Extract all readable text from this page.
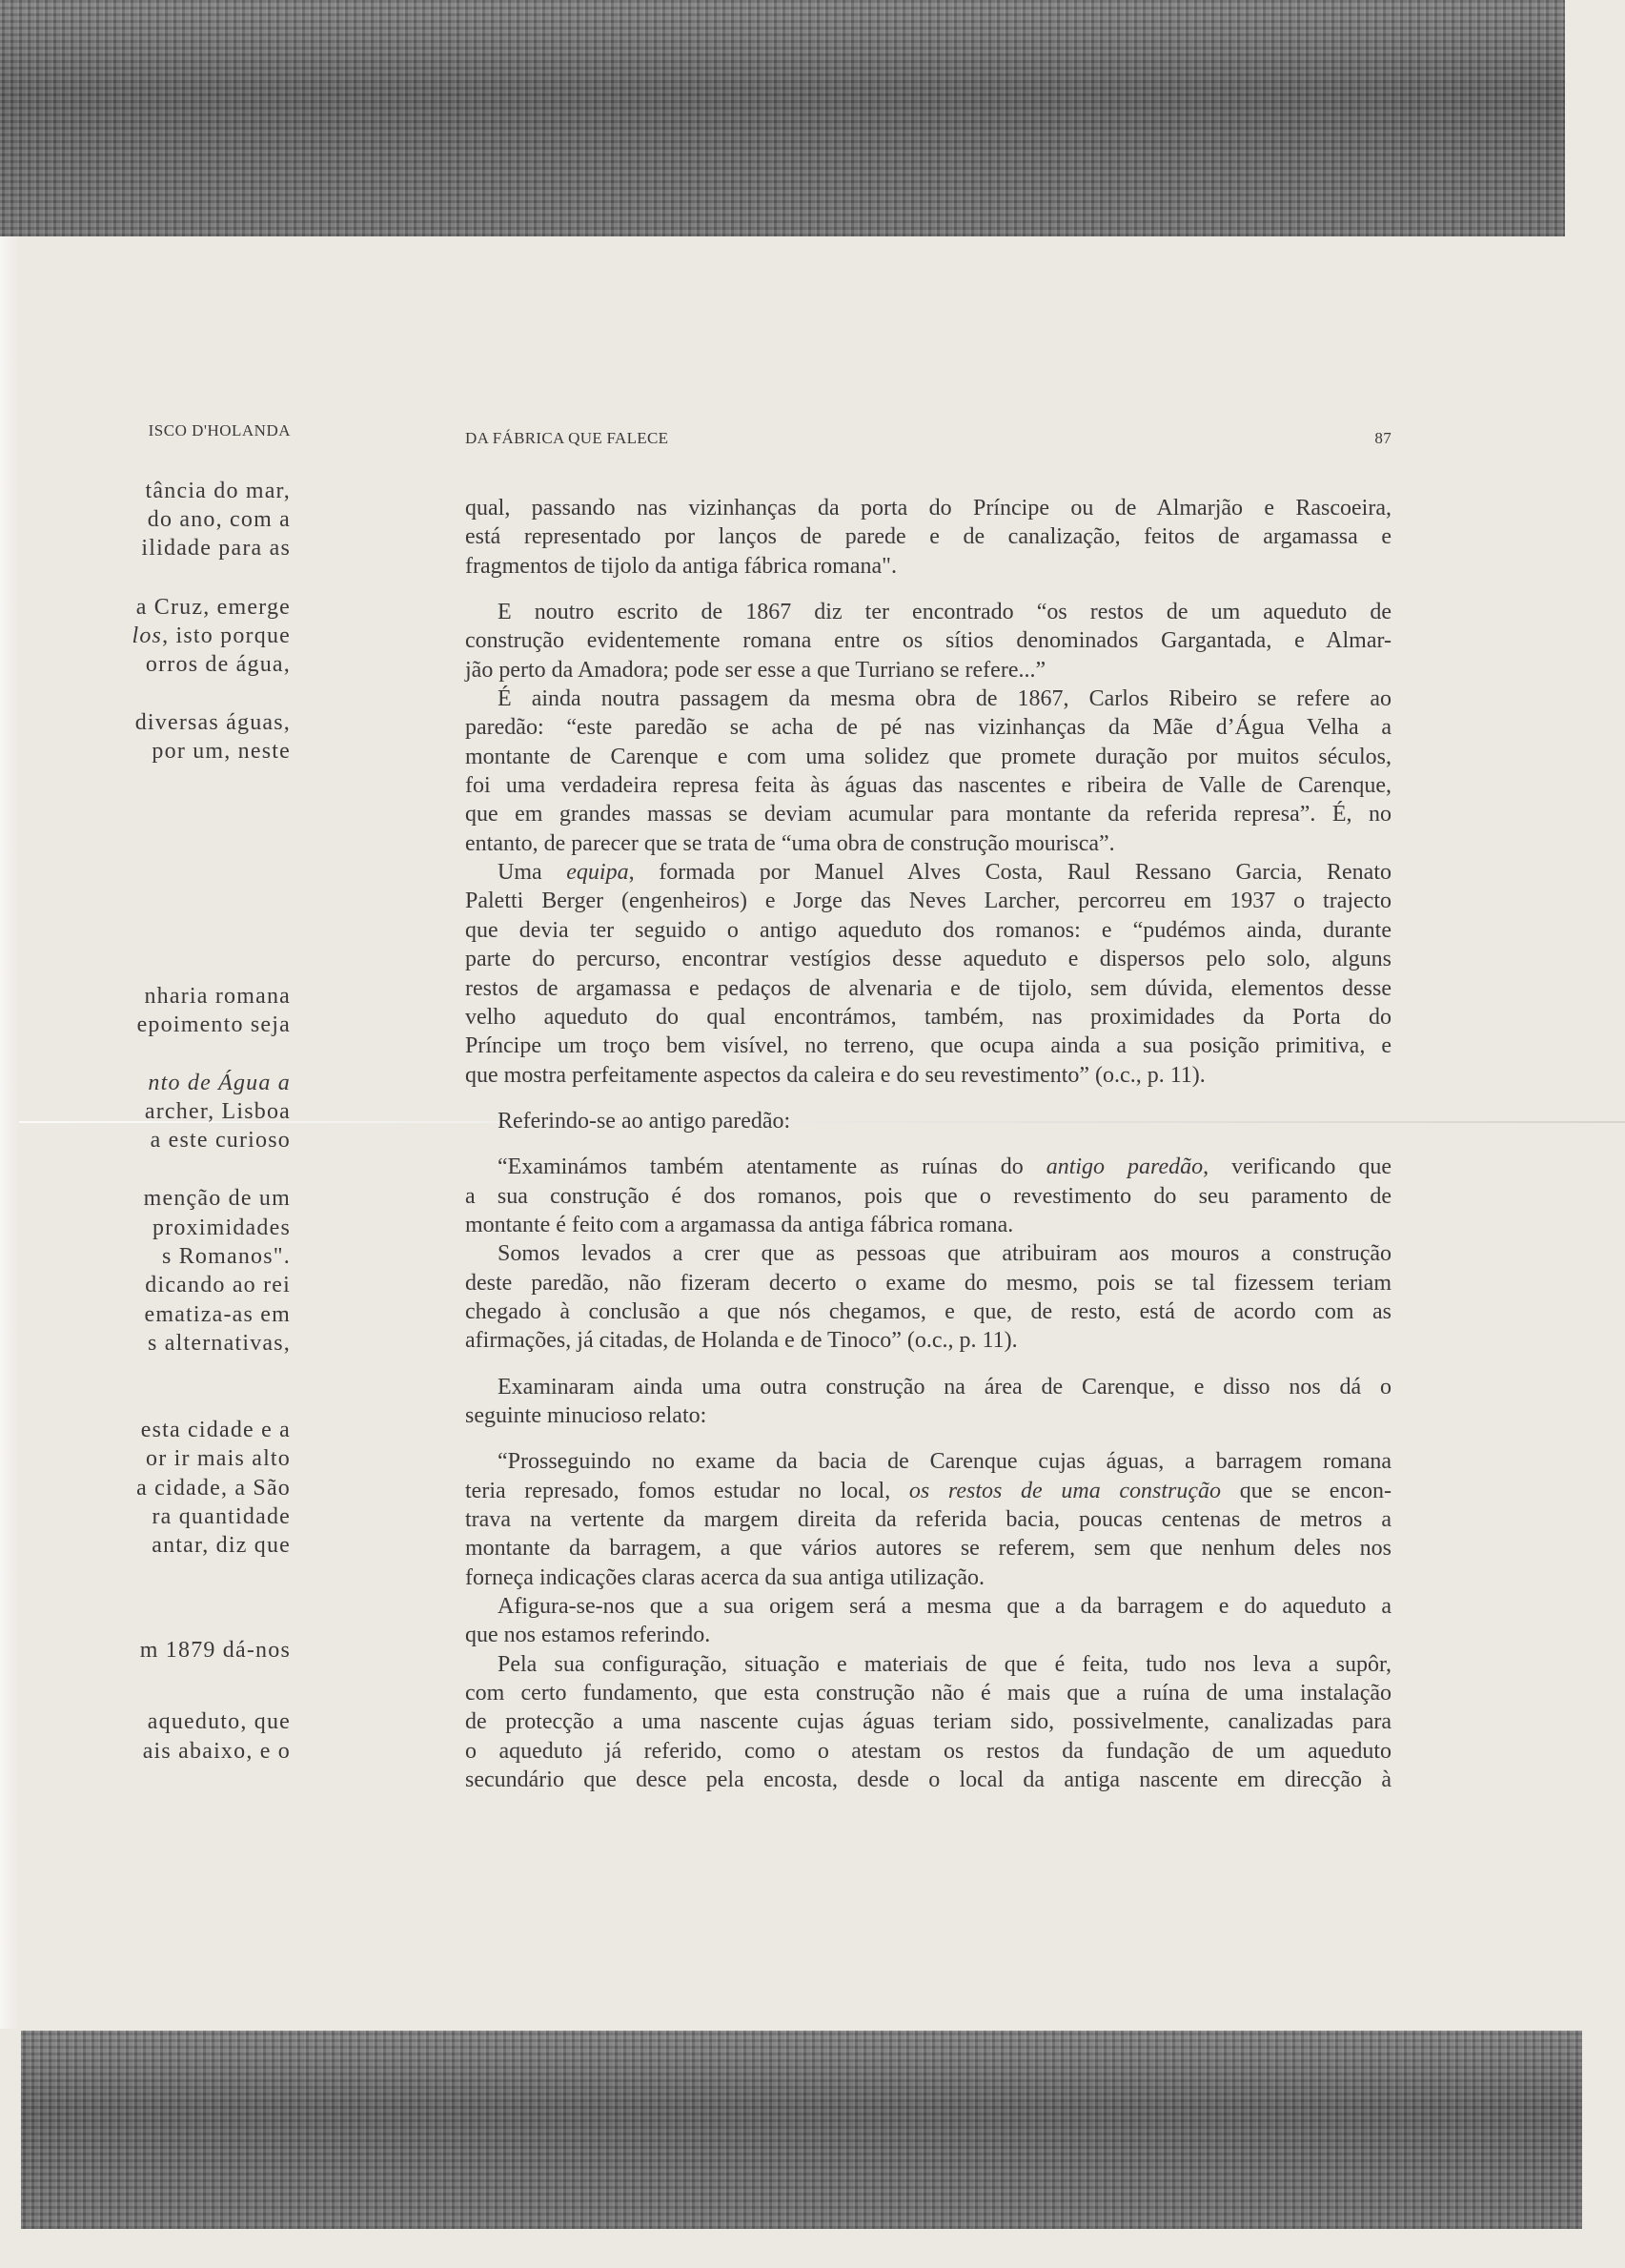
ISCO D'HOLANDA
tância do mar,
do ano, com a
ilidade para as
a Cruz, emerge
los, isto porque
orros de água,
diversas águas,
por um, neste
nharia romana
epoimento seja
nto de Água a
archer, Lisboa
a este curioso
menção de um
proximidades
s Romanos".
dicando ao rei
ematiza-as em
s alternativas,
esta cidade e a
or ir mais alto
a cidade, a São
ra quantidade
antar, diz que
m 1879 dá-nos
aqueduto, que
ais abaixo, e o
DA FÁBRICA QUE FALECE	87
qual, passando nas vizinhanças da porta do Príncipe ou de Almarjão e Rascoeira,
está representado por lanços de parede e de canalização, feitos de argamassa e
fragmentos de tijolo da antiga fábrica romana".
E noutro escrito de 1867 diz ter encontrado “os restos de um aqueduto de
construção evidentemente romana entre os sítios denominados Gargantada, e Almar-
jão perto da Amadora; pode ser esse a que Turriano se refere...”
É ainda noutra passagem da mesma obra de 1867, Carlos Ribeiro se refere ao
paredão: “este paredão se acha de pé nas vizinhanças da Mãe d’Água Velha a
montante de Carenque e com uma solidez que promete duração por muitos séculos,
foi uma verdadeira represa feita às águas das nascentes e ribeira de Valle de Carenque,
que em grandes massas se deviam acumular para montante da referida represa”. É, no
entanto, de parecer que se trata de “uma obra de construção mourisca”.
Uma equipa, formada por Manuel Alves Costa, Raul Ressano Garcia, Renato
Paletti Berger (engenheiros) e Jorge das Neves Larcher, percorreu em 1937 o trajecto
que devia ter seguido o antigo aqueduto dos romanos: e “pudémos ainda, durante
parte do percurso, encontrar vestígios desse aqueduto e dispersos pelo solo, alguns
restos de argamassa e pedaços de alvenaria e de tijolo, sem dúvida, elementos desse
velho aqueduto do qual encontrámos, também, nas proximidades da Porta do
Príncipe um troço bem visível, no terreno, que ocupa ainda a sua posição primitiva, e
que mostra perfeitamente aspectos da caleira e do seu revestimento” (o.c., p. 11).
Referindo-se ao antigo paredão:
“Examinámos também atentamente as ruínas do antigo paredão, verificando que
a sua construção é dos romanos, pois que o revestimento do seu paramento de
montante é feito com a argamassa da antiga fábrica romana.
Somos levados a crer que as pessoas que atribuiram aos mouros a construção
deste paredão, não fizeram decerto o exame do mesmo, pois se tal fizessem teriam
chegado à conclusão a que nós chegamos, e que, de resto, está de acordo com as
afirmações, já citadas, de Holanda e de Tinoco” (o.c., p. 11).
Examinaram ainda uma outra construção na área de Carenque, e disso nos dá o
seguinte minucioso relato:
“Prosseguindo no exame da bacia de Carenque cujas águas, a barragem romana
teria represado, fomos estudar no local, os restos de uma construção que se encon-
trava na vertente da margem direita da referida bacia, poucas centenas de metros a
montante da barragem, a que vários autores se referem, sem que nenhum deles nos
forneça indicações claras acerca da sua antiga utilização.
Afigura-se-nos que a sua origem será a mesma que a da barragem e do aqueduto a
que nos estamos referindo.
Pela sua configuração, situação e materiais de que é feita, tudo nos leva a supôr,
com certo fundamento, que esta construção não é mais que a ruína de uma instalação
de protecção a uma nascente cujas águas teriam sido, possivelmente, canalizadas para
o aqueduto já referido, como o atestam os restos da fundação de um aqueduto
secundário que desce pela encosta, desde o local da antiga nascente em direcção à
